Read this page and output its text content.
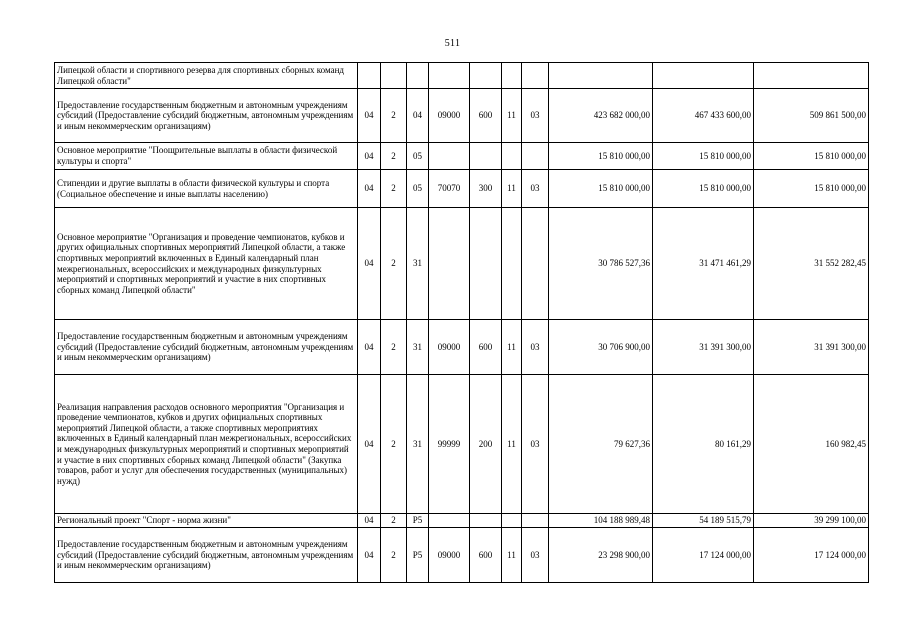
511
Липецкой области и спортивного резерва для спортивных сборных команд Липецкой области"										
Предоставление государственным бюджетным и автономным учреждениям субсидий (Предоставление субсидий бюджетным, автономным учреждениям и иным некоммерческим организациям)	04	2	04	09000	600	11	03	423 682 000,00	467 433 600,00	509 861 500,00
Основное мероприятие "Поощрительные выплаты в области физической культуры и спорта"	04	2	05					15 810 000,00	15 810 000,00	15 810 000,00
Стипендии и другие выплаты в области физической культуры и спорта (Социальное обеспечение и иные выплаты населению)	04	2	05	70070	300	11	03	15 810 000,00	15 810 000,00	15 810 000,00
Основное мероприятие "Организация и проведение чемпионатов, кубков и других официальных спортивных мероприятий Липецкой области, а также спортивных мероприятий включенных в Единый календарный план межрегиональных, всероссийских и международных физкультурных мероприятий и спортивных мероприятий и участие в них спортивных сборных команд Липецкой области"	04	2	31					30 786 527,36	31 471 461,29	31 552 282,45
Предоставление государственным бюджетным и автономным учреждениям субсидий (Предоставление субсидий бюджетным, автономным учреждениям и иным некоммерческим организациям)	04	2	31	09000	600	11	03	30 706 900,00	31 391 300,00	31 391 300,00
Реализация направления расходов основного мероприятия "Организация и проведение чемпионатов, кубков и других официальных спортивных мероприятий Липецкой области, а также спортивных мероприятиях включенных в Единый календарный план межрегиональных, всероссийских и международных физкультурных мероприятий и спортивных мероприятий и участие в них спортивных сборных команд Липецкой области" (Закупка товаров, работ и услуг для обеспечения государственных (муниципальных) нужд)	04	2	31	99999	200	11	03	79 627,36	80 161,29	160 982,45
Региональный проект "Спорт - норма жизни"	04	2	P5					104 188 989,48	54 189 515,79	39 299 100,00
Предоставление государственным бюджетным и автономным учреждениям субсидий (Предоставление субсидий бюджетным, автономным учреждениям и иным некоммерческим организациям)	04	2	P5	09000	600	11	03	23 298 900,00	17 124 000,00	17 124 000,00
